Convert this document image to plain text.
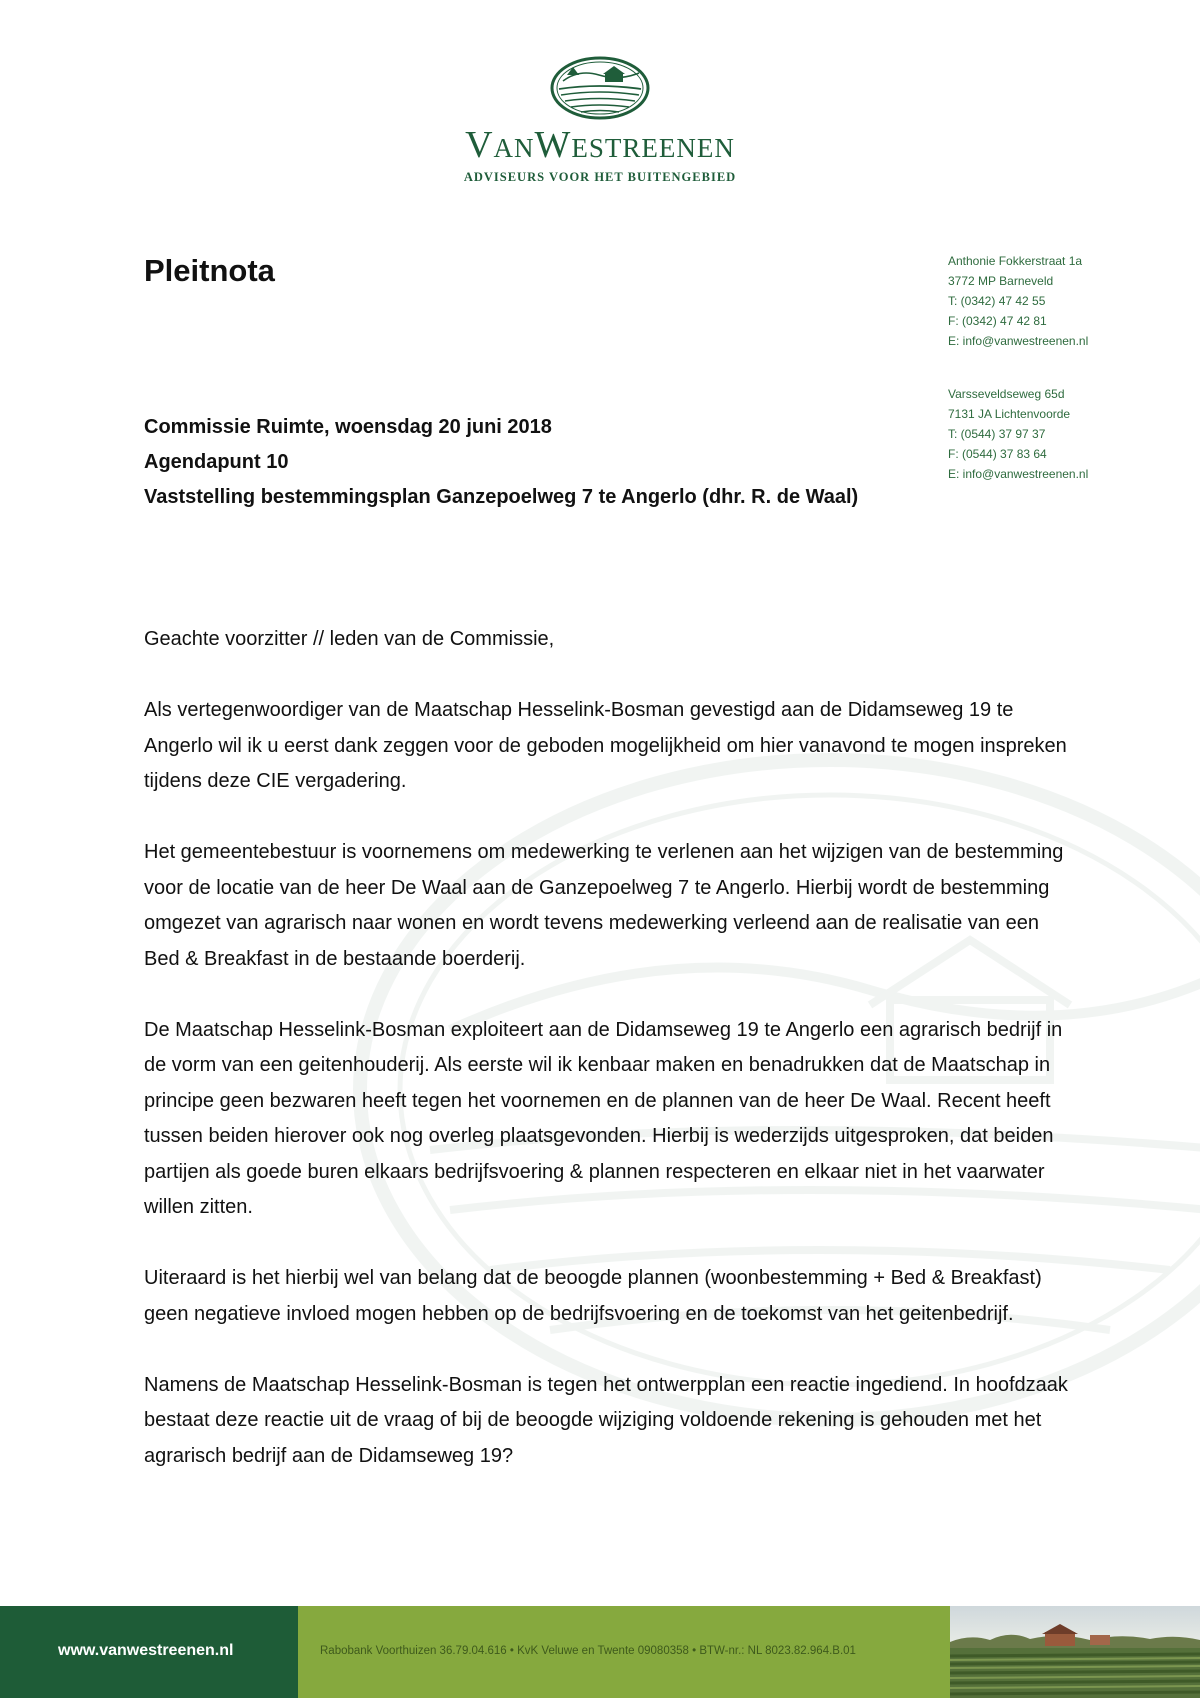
VanWestreenen
ADVISEURS VOOR HET BUITENGEBIED
Pleitnota	Anthonie Fokkerstraat 1a
3772 MP Barneveld
T: (0342) 47 42 55
F: (0342) 47 42 81
E: info@vanwestreenen.nl
Varsseveldseweg 65d
7131 JA Lichtenvoorde
T: (0544) 37 97 37
F: (0544) 37 83 64
E: info@vanwestreenen.nl
Commissie Ruimte, woensdag 20 juni 2018
Agendapunt 10
Vaststelling bestemmingsplan Ganzepoelweg 7 te Angerlo (dhr. R. de Waal)

Geachte voorzitter // leden van de Commissie,

Als vertegenwoordiger van de Maatschap Hesselink-Bosman gevestigd aan de Didamseweg 19 te Angerlo wil ik u eerst dank zeggen voor de geboden mogelijkheid om hier vanavond te mogen inspreken tijdens deze CIE vergadering.

Het gemeentebestuur is voornemens om medewerking te verlenen aan het wijzigen van de bestemming voor de locatie van de heer De Waal aan de Ganzepoelweg 7 te Angerlo. Hierbij wordt de bestemming omgezet van agrarisch naar wonen en wordt tevens medewerking verleend aan de realisatie van een Bed & Breakfast in de bestaande boerderij.

De Maatschap Hesselink-Bosman exploiteert aan de Didamseweg 19 te Angerlo een agrarisch bedrijf in de vorm van een geitenhouderij. Als eerste wil ik kenbaar maken en benadrukken dat de Maatschap in principe geen bezwaren heeft tegen het voornemen en de plannen van de heer De Waal. Recent heeft tussen beiden hierover ook nog overleg plaatsgevonden. Hierbij is wederzijds uitgesproken, dat beiden partijen als goede buren elkaars bedrijfsvoering & plannen respecteren en elkaar niet in het vaarwater willen zitten.

Uiteraard is het hierbij wel van belang dat de beoogde plannen (woonbestemming + Bed & Breakfast) geen negatieve invloed mogen hebben op de bedrijfsvoering en de toekomst van het geitenbedrijf.

Namens de Maatschap Hesselink-Bosman is tegen het ontwerpplan een reactie ingediend. In hoofdzaak bestaat deze reactie uit de vraag of bij de beoogde wijziging voldoende rekening is gehouden met het agrarisch bedrijf aan de Didamseweg 19?

www.vanwestreenen.nl	Rabobank Voorthuizen 36.79.04.616 • KvK Veluwe en Twente 09080358 • BTW-nr.: NL 8023.82.964.B.01
